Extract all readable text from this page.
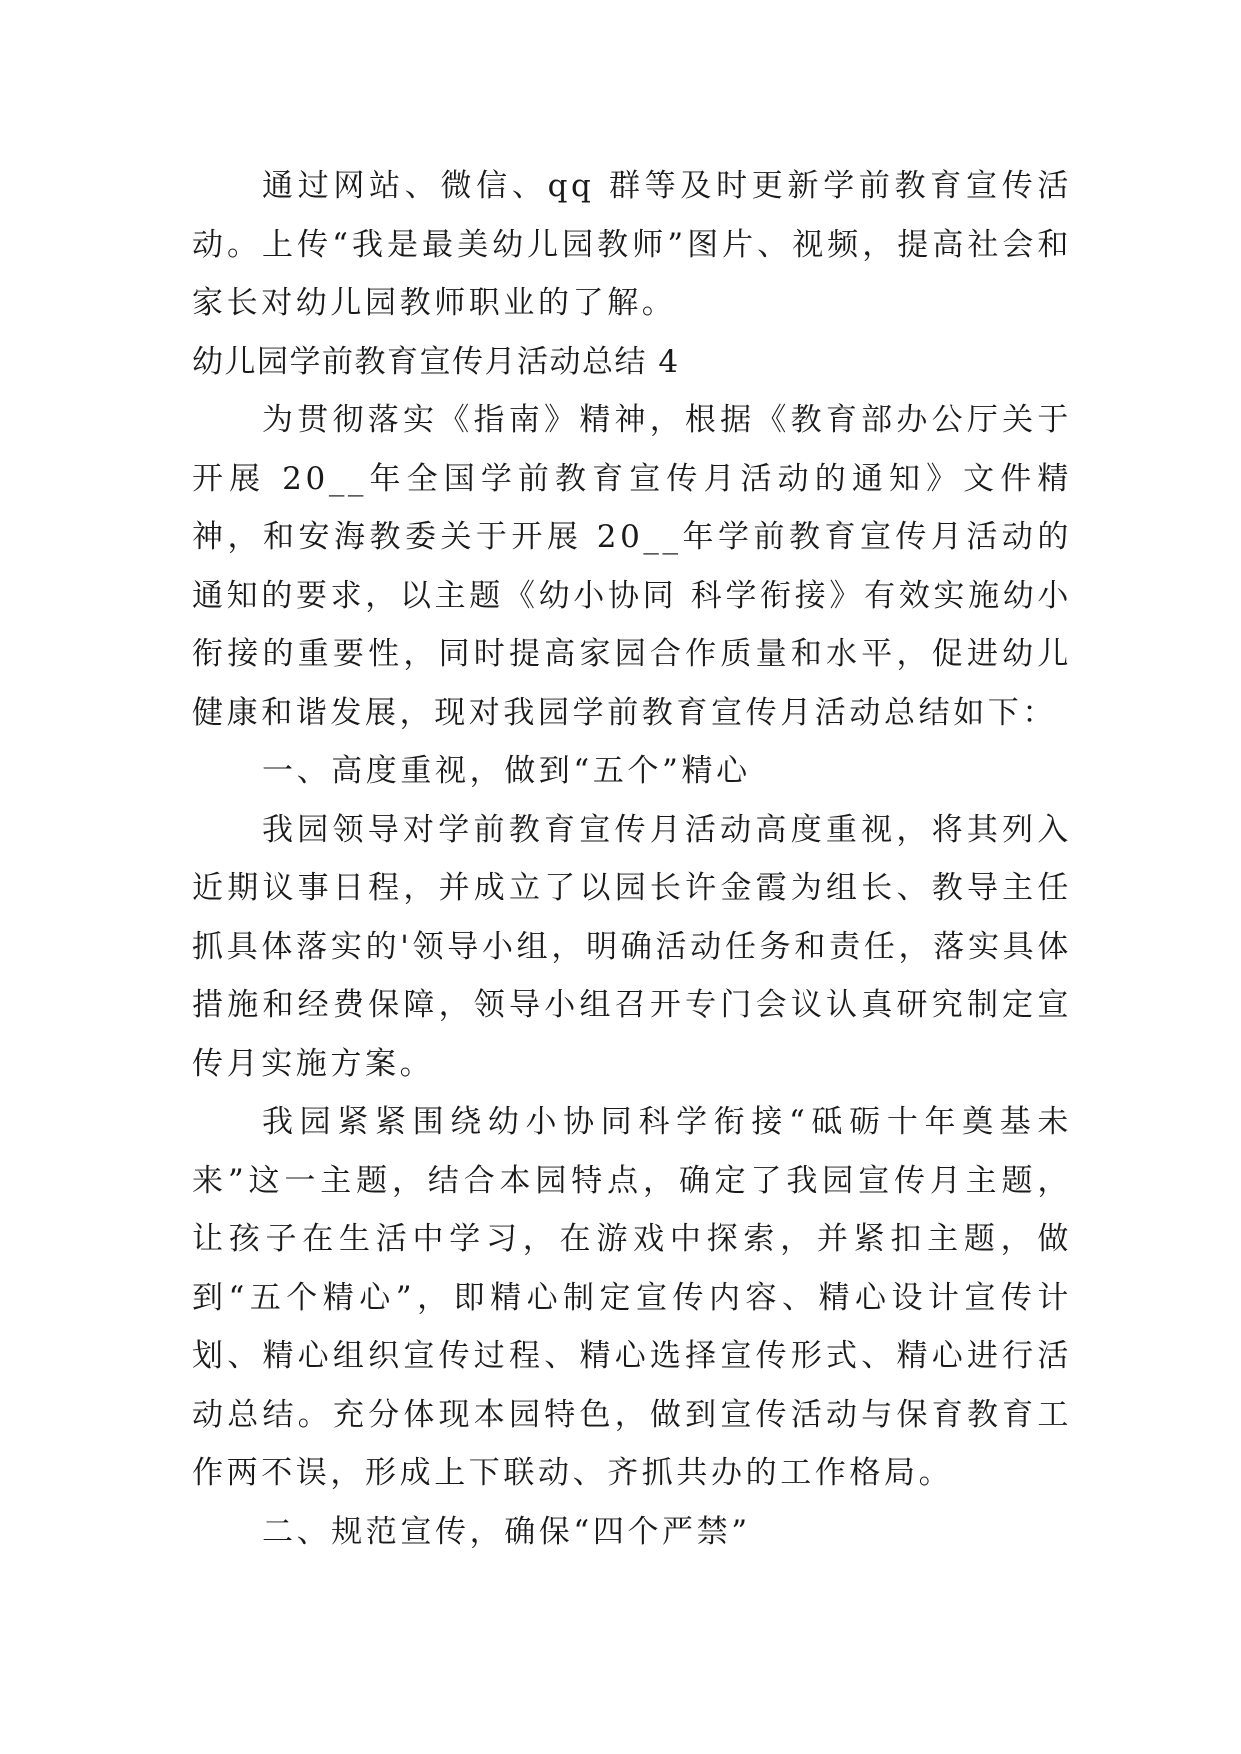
通过网站、微信、qq 群等及时更新学前教育宣传活动。上传“我是最美幼儿园教师”图片、视频，提高社会和家长对幼儿园教师职业的了解。

幼儿园学前教育宣传月活动总结 4

为贯彻落实《指南》精神，根据《教育部办公厅关于开展 20__年全国学前教育宣传月活动的通知》文件精神，和安海教委关于开展 20__年学前教育宣传月活动的通知的要求，以主题《幼小协同 科学衔接》有效实施幼小衔接的重要性，同时提高家园合作质量和水平，促进幼儿健康和谐发展，现对我园学前教育宣传月活动总结如下：

一、高度重视，做到“五个”精心

我园领导对学前教育宣传月活动高度重视，将其列入近期议事日程，并成立了以园长许金霞为组长、教导主任抓具体落实的'领导小组，明确活动任务和责任，落实具体措施和经费保障，领导小组召开专门会议认真研究制定宣传月实施方案。

我园紧紧围绕幼小协同科学衔接“砥砺十年奠基未来”这一主题，结合本园特点，确定了我园宣传月主题，让孩子在生活中学习，在游戏中探索，并紧扣主题，做到“五个精心”，即精心制定宣传内容、精心设计宣传计划、精心组织宣传过程、精心选择宣传形式、精心进行活动总结。充分体现本园特色，做到宣传活动与保育教育工作两不误，形成上下联动、齐抓共办的工作格局。

二、规范宣传，确保“四个严禁”
